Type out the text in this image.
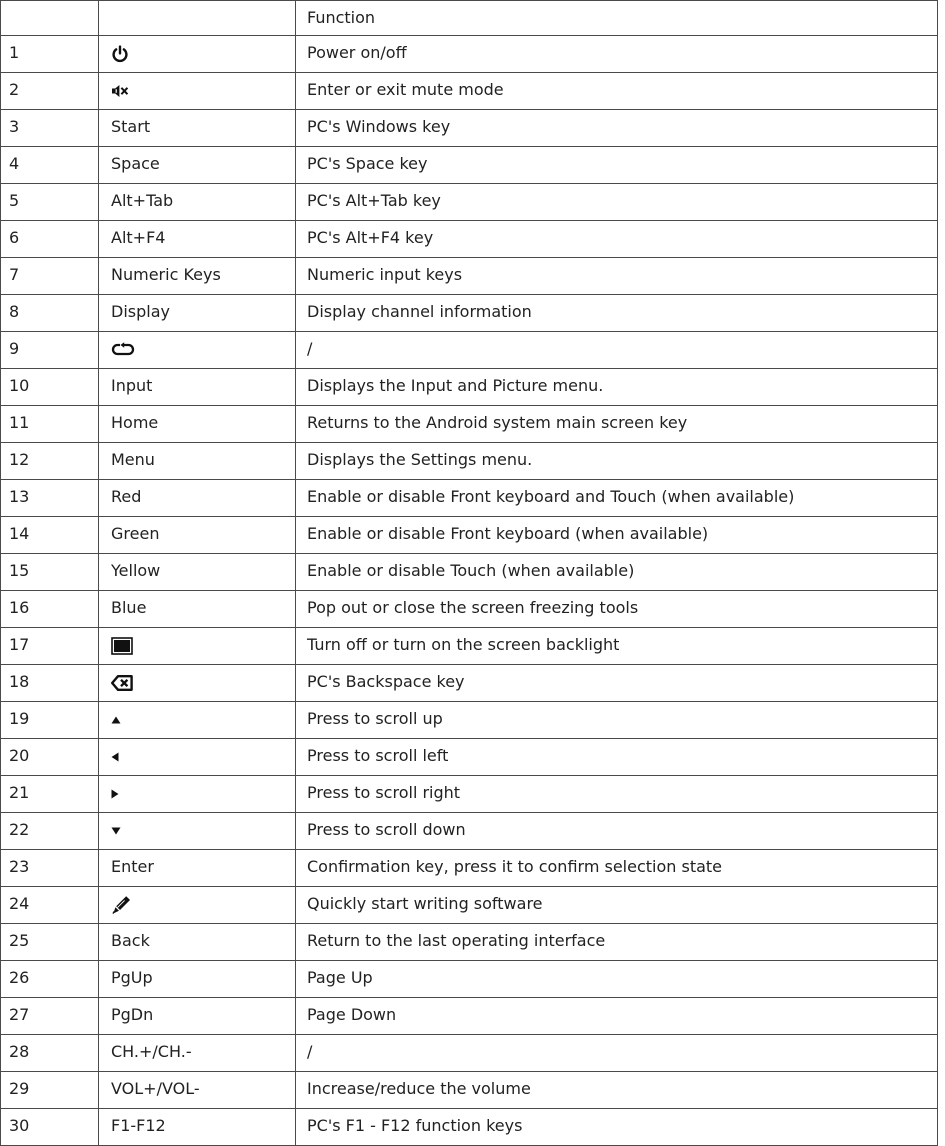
		Function
1		Power on/off
2		Enter or exit mute mode
3	Start	PC's Windows key
4	Space	PC's Space key
5	Alt+Tab	PC's Alt+Tab key
6	Alt+F4	PC's Alt+F4 key
7	Numeric Keys	Numeric input keys
8	Display	Display channel information
9		/
10	Input	Displays the Input and Picture menu.
11	Home	Returns to the Android system main screen key
12	Menu	Displays the Settings menu.
13	Red	Enable or disable Front keyboard and Touch (when available)
14	Green	Enable or disable Front keyboard (when available)
15	Yellow	Enable or disable Touch (when available)
16	Blue	Pop out or close the screen freezing tools
17		Turn off or turn on the screen backlight
18		PC's Backspace key
19		Press to scroll up
20		Press to scroll left
21		Press to scroll right
22		Press to scroll down
23	Enter	Confirmation key, press it to confirm selection state
24		Quickly start writing software
25	Back	Return to the last operating interface
26	PgUp	Page Up
27	PgDn	Page Down
28	CH.+/CH.-	/
29	VOL+/VOL-	Increase/reduce the volume
30	F1-F12	PC's F1 - F12 function keys
